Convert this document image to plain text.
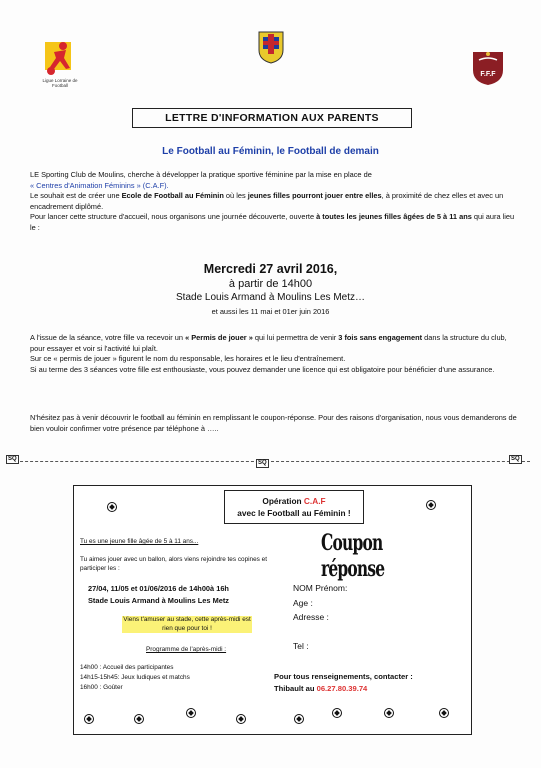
Ligue Lorraine de Football
F.F.F
LETTRE D'INFORMATION AUX PARENTS
Le Football au Féminin, le Football de demain
LE Sporting Club de Moulins, cherche à développer la pratique sportive féminine par la mise en place de
« Centres d'Animation Féminins » (C.A.F).
Le souhait est de créer une Ecole de Football au Féminin où les jeunes filles pourront jouer entre elles, à proximité de chez elles et avec un encadrement diplômé.
Pour lancer cette structure d'accueil, nous organisons une journée découverte, ouverte à toutes les jeunes filles âgées de 5 à 11 ans qui aura lieu le :
Mercredi 27 avril 2016,
à partir de 14h00
Stade Louis Armand à Moulins Les Metz…
et aussi les 11 mai et 01er juin 2016
A l'issue de la séance, votre fille va recevoir un « Permis de jouer » qui lui permettra de venir 3 fois sans engagement dans la structure du club, pour essayer et voir si l'activité lui plaît.
Sur ce « permis de jouer » figurent le nom du responsable, les horaires et le lieu d'entraînement.
Si au terme des 3 séances votre fille est enthousiaste, vous pouvez demander une licence qui est obligatoire pour bénéficier d'une assurance.
N'hésitez pas à venir découvrir le football au féminin en remplissant le coupon-réponse. Pour des raisons d'organisation, nous vous demanderons de bien vouloir confirmer votre présence par téléphone à …..
SQ
SQ
SQ
Opération C.A.F
avec le Football au Féminin !
Coupon réponse
Tu es une jeune fille âgée de 5 à 11 ans...
Tu aimes jouer avec un ballon, alors viens rejoindre tes copines et participer les :
27/04, 11/05 et 01/06/2016 de 14h00à 16h
Stade Louis Armand à Moulins Les Metz
Viens t'amuser au stade, cette après-midi est rien que pour toi !
Programme de l'après-midi :
14h00 : Accueil des participantes
14h15-15h45: Jeux ludiques et matchs
16h00 : Goûter
NOM Prénom:
Age :
Adresse :
Tel :
Pour tous renseignements, contacter :
Thibault au 06.27.80.39.74
